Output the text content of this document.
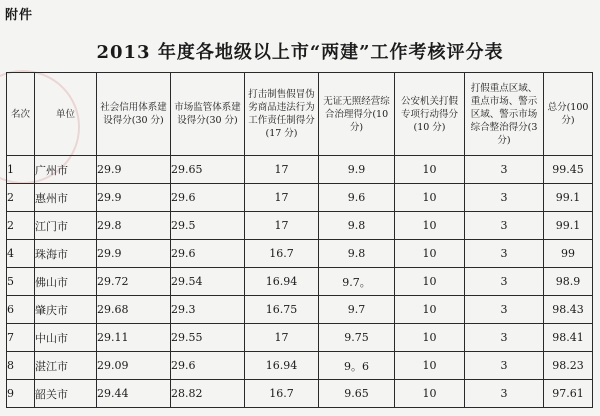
附件
2013 年度各地级以上市“两建”工作考核评分表
名次	单位	社会信用体系建设得分(30 分)	市场监管体系建设得分(30 分)	打击制售假冒伪劣商品违法行为工作责任制得分(17 分)	无证无照经营综合治理得分(10 分)	公安机关打假专项行动得分(10 分)	打假重点区域、重点市场、警示区域、警示市场综合整治得分(3 分)	总分(100 分)
1	广州市	29.9	29.65	17	9.9	10	3	99.45
2	惠州市	29.9	29.6	17	9.6	10	3	99.1
2	江门市	29.8	29.5	17	9.8	10	3	99.1
4	珠海市	29.9	29.6	16.7	9.8	10	3	99
5	佛山市	29.72	29.54	16.94	9.7。	10	3	98.9
6	肇庆市	29.68	29.3	16.75	9.7	10	3	98.43
7	中山市	29.11	29.55	17	9.75	10	3	98.41
8	湛江市	29.09	29.6	16.94	9。6	10	3	98.23
9	韶关市	29.44	28.82	16.7	9.65	10	3	97.61
